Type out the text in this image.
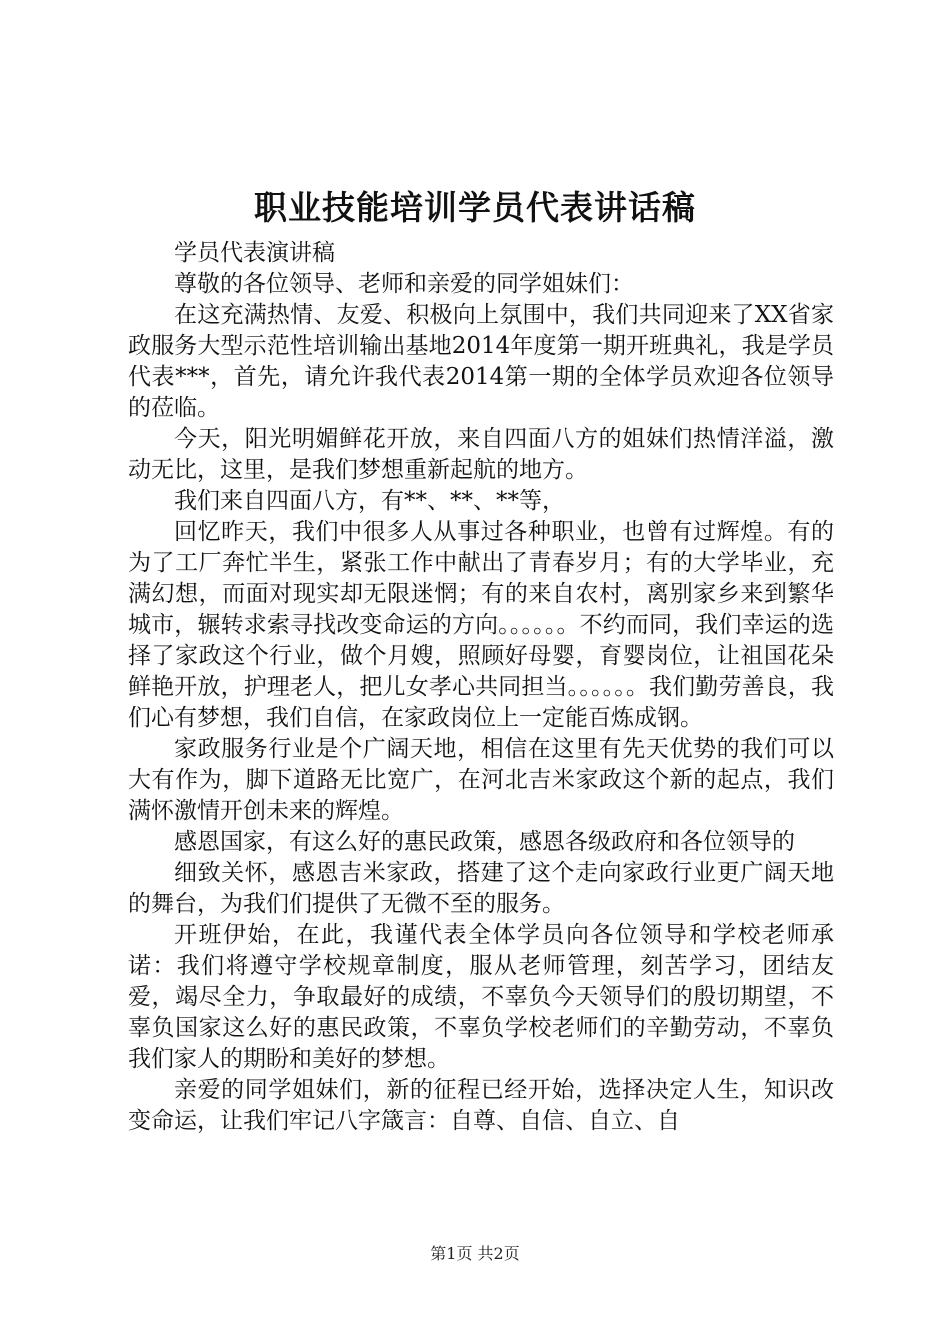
职业技能培训学员代表讲话稿

学员代表演讲稿

尊敬的各位领导、老师和亲爱的同学姐妹们：

在这充满热情、友爱、积极向上氛围中，我们共同迎来了XX省家政服务大型示范性培训输出基地2014年度第一期开班典礼，我是学员代表***，首先，请允许我代表2014第一期的全体学员欢迎各位领导的莅临。

今天，阳光明媚鲜花开放，来自四面八方的姐妹们热情洋溢，激动无比，这里，是我们梦想重新起航的地方。

我们来自四面八方，有**、**、**等，

回忆昨天，我们中很多人从事过各种职业，也曾有过辉煌。有的为了工厂奔忙半生，紧张工作中献出了青春岁月；有的大学毕业，充满幻想，而面对现实却无限迷惘；有的来自农村，离别家乡来到繁华城市，辗转求索寻找改变命运的方向。。。。。。不约而同，我们幸运的选择了家政这个行业，做个月嫂，照顾好母婴，育婴岗位，让祖国花朵鲜艳开放，护理老人，把儿女孝心共同担当。。。。。。我们勤劳善良，我们心有梦想，我们自信，在家政岗位上一定能百炼成钢。

家政服务行业是个广阔天地，相信在这里有先天优势的我们可以大有作为，脚下道路无比宽广，在河北吉米家政这个新的起点，我们满怀激情开创未来的辉煌。

感恩国家，有这么好的惠民政策，感恩各级政府和各位领导的

细致关怀，感恩吉米家政，搭建了这个走向家政行业更广阔天地的舞台，为我们们提供了无微不至的服务。

开班伊始，在此，我谨代表全体学员向各位领导和学校老师承诺：我们将遵守学校规章制度，服从老师管理，刻苦学习，团结友爱，竭尽全力，争取最好的成绩，不辜负今天领导们的殷切期望，不辜负国家这么好的惠民政策，不辜负学校老师们的辛勤劳动，不辜负我们家人的期盼和美好的梦想。

亲爱的同学姐妹们，新的征程已经开始，选择决定人生，知识改变命运，让我们牢记八字箴言：自尊、自信、自立、自

第1页 共2页
